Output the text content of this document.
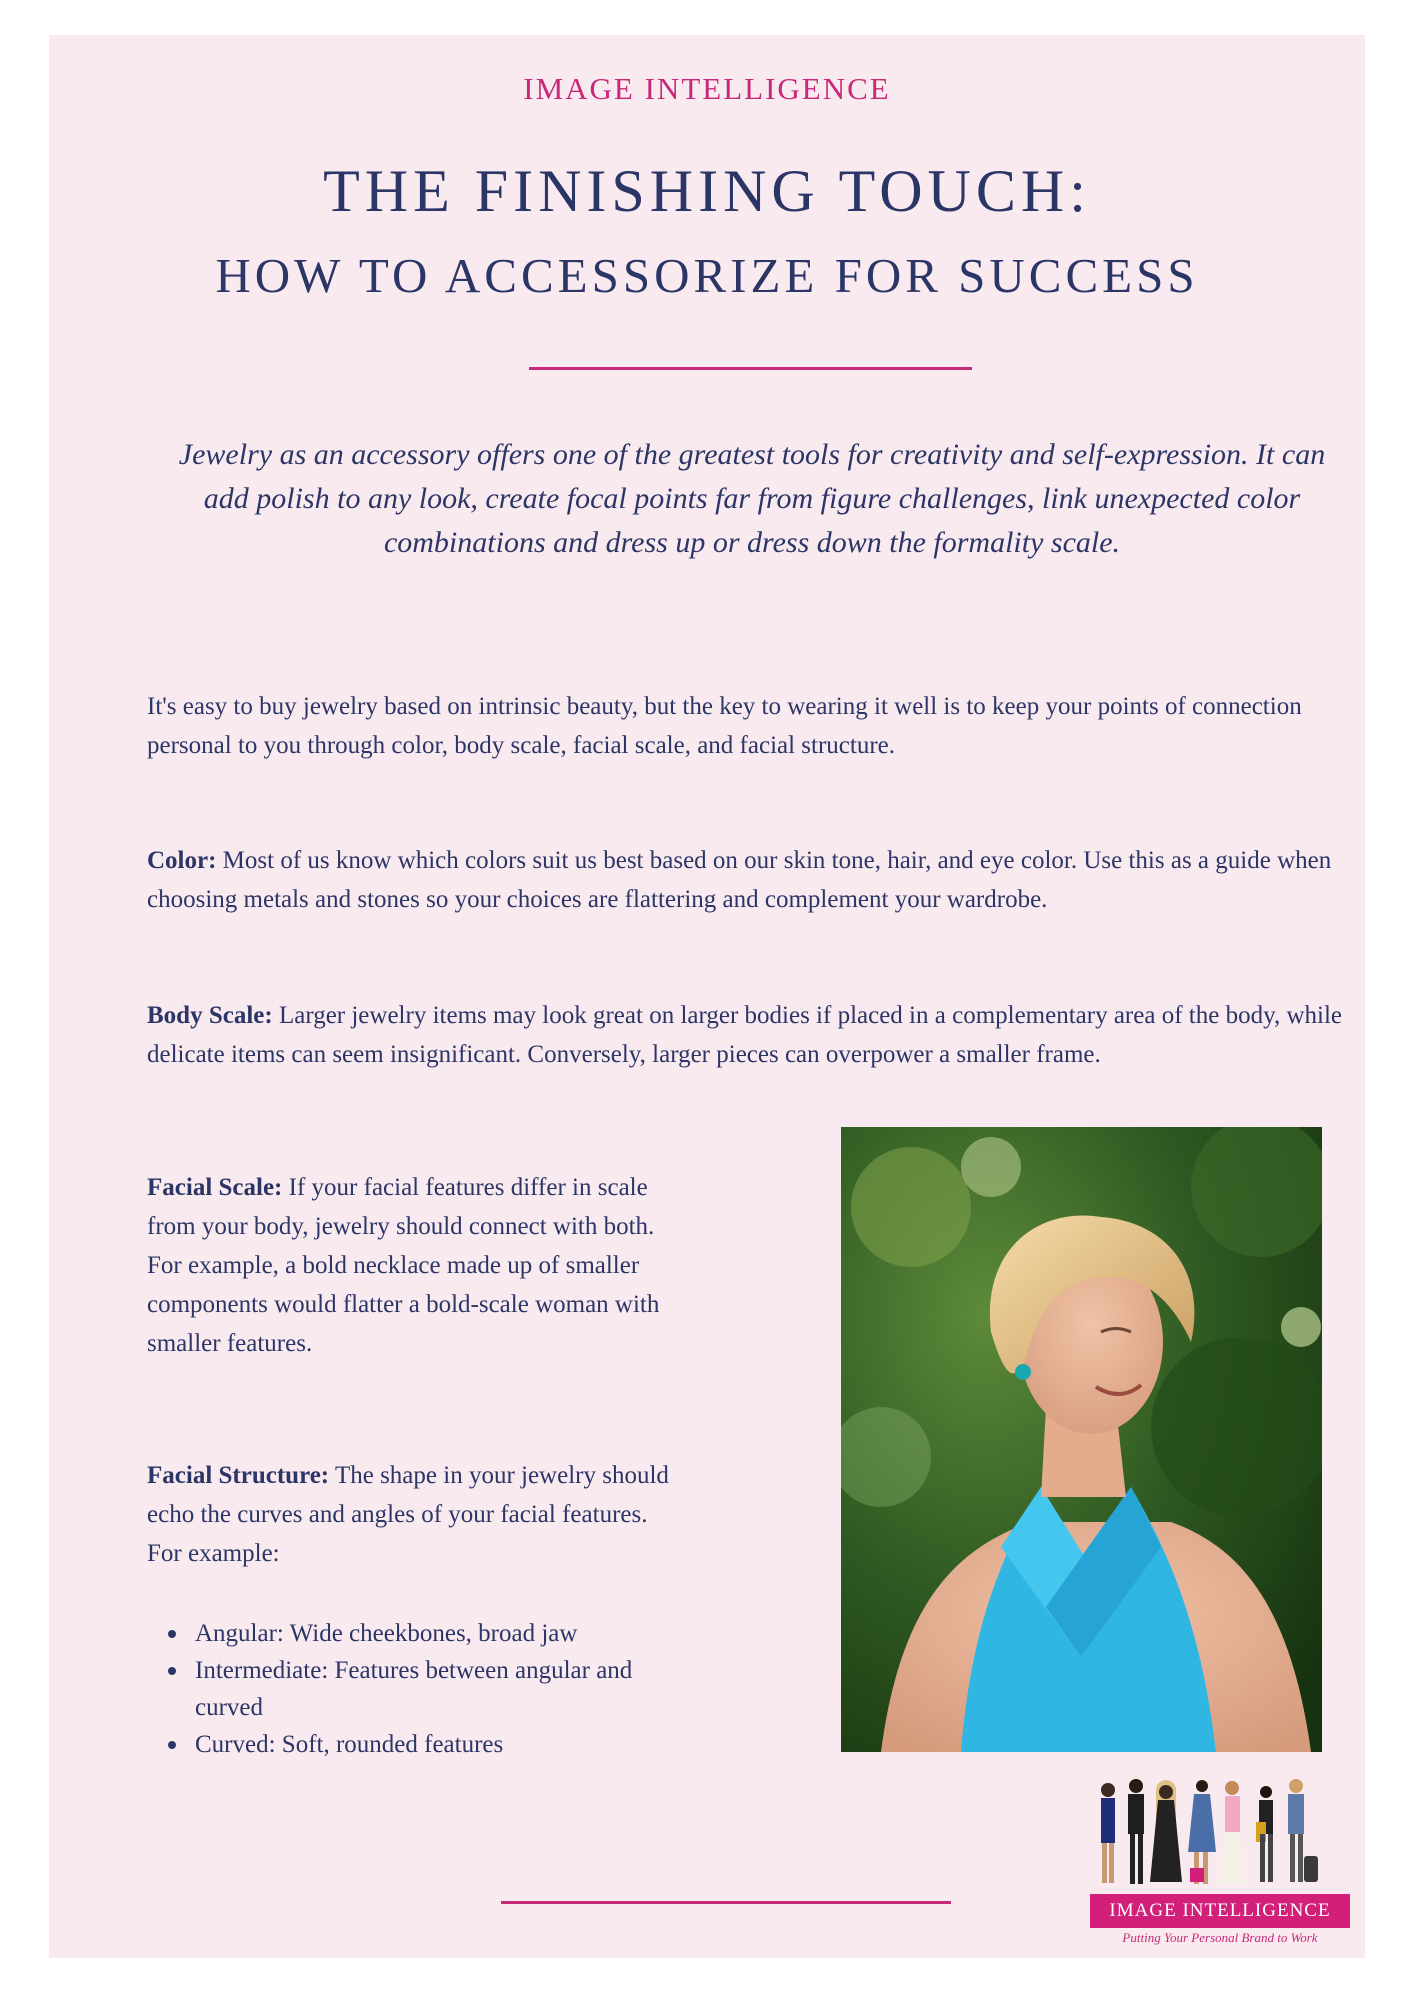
IMAGE INTELLIGENCE
THE FINISHING TOUCH:
HOW TO ACCESSORIZE FOR SUCCESS
Jewelry as an accessory offers one of the greatest tools for creativity and self-expression. It can add polish to any look, create focal points far from figure challenges, link unexpected color combinations and dress up or dress down the formality scale.
It's easy to buy jewelry based on intrinsic beauty, but the key to wearing it well is to keep your points of connection personal to you through color, body scale, facial scale, and facial structure.
Color: Most of us know which colors suit us best based on our skin tone, hair, and eye color. Use this as a guide when choosing metals and stones so your choices are flattering and complement your wardrobe.
Body Scale: Larger jewelry items may look great on larger bodies if placed in a complementary area of the body, while delicate items can seem insignificant. Conversely, larger pieces can overpower a smaller frame.
Facial Scale: If your facial features differ in scale from your body, jewelry should connect with both. For example, a bold necklace made up of smaller components would flatter a bold-scale woman with smaller features.
Facial Structure: The shape in your jewelry should echo the curves and angles of your facial features. For example:
Angular: Wide cheekbones, broad jaw
Intermediate: Features between angular and curved
Curved: Soft, rounded features
IMAGE INTELLIGENCE
Putting Your Personal Brand to Work
